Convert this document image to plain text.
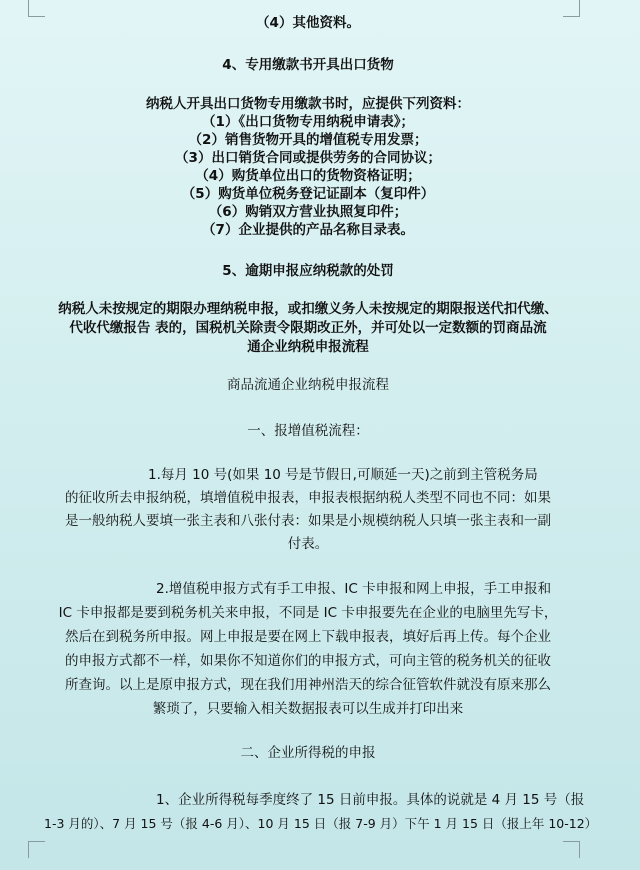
（4）其他资料。
4、专用缴款书开具出口货物
纳税人开具出口货物专用缴款书时，应提供下列资料：
（1）《出口货物专用纳税申请表》；
（2）销售货物开具的增值税专用发票；
（3）出口销货合同或提供劳务的合同协议；
（4）购货单位出口的货物资格证明；
（5）购货单位税务登记证副本（复印件）
（6）购销双方营业执照复印件；
（7）企业提供的产品名称目录表。
5、逾期申报应纳税款的处罚
纳税人未按规定的期限办理纳税申报，或扣缴义务人未按规定的期限报送代扣代缴、
代收代缴报告 表的，国税机关除责令限期改正外，并可处以一定数额的罚商品流
通企业纳税申报流程
商品流通企业纳税申报流程
一、报增值税流程：
1.每月 10 号(如果 10 号是节假日,可顺延一天)之前到主管税务局
的征收所去申报纳税，填增值税申报表，申报表根据纳税人类型不同也不同：如果
是一般纳税人要填一张主表和八张付表：如果是小规模纳税人只填一张主表和一副
付表。
2.增值税申报方式有手工申报、IC 卡申报和网上申报，手工申报和
IC 卡申报都是要到税务机关来申报，不同是 IC 卡申报要先在企业的电脑里先写卡，
然后在到税务所申报。网上申报是要在网上下载申报表，填好后再上传。每个企业
的申报方式都不一样，如果你不知道你们的申报方式，可向主管的税务机关的征收
所查询。以上是原申报方式，现在我们用神州浩天的综合征管软件就没有原来那么
繁琐了，只要输入相关数据报表可以生成并打印出来
二、企业所得税的申报
1、企业所得税每季度终了 15 日前申报。具体的说就是 4 月 15 号（报
1-3 月的）、7 月 15 号（报 4-6 月）、10 月 15 日（报 7-9 月）下午 1 月 15 日（报上年 10-12）
